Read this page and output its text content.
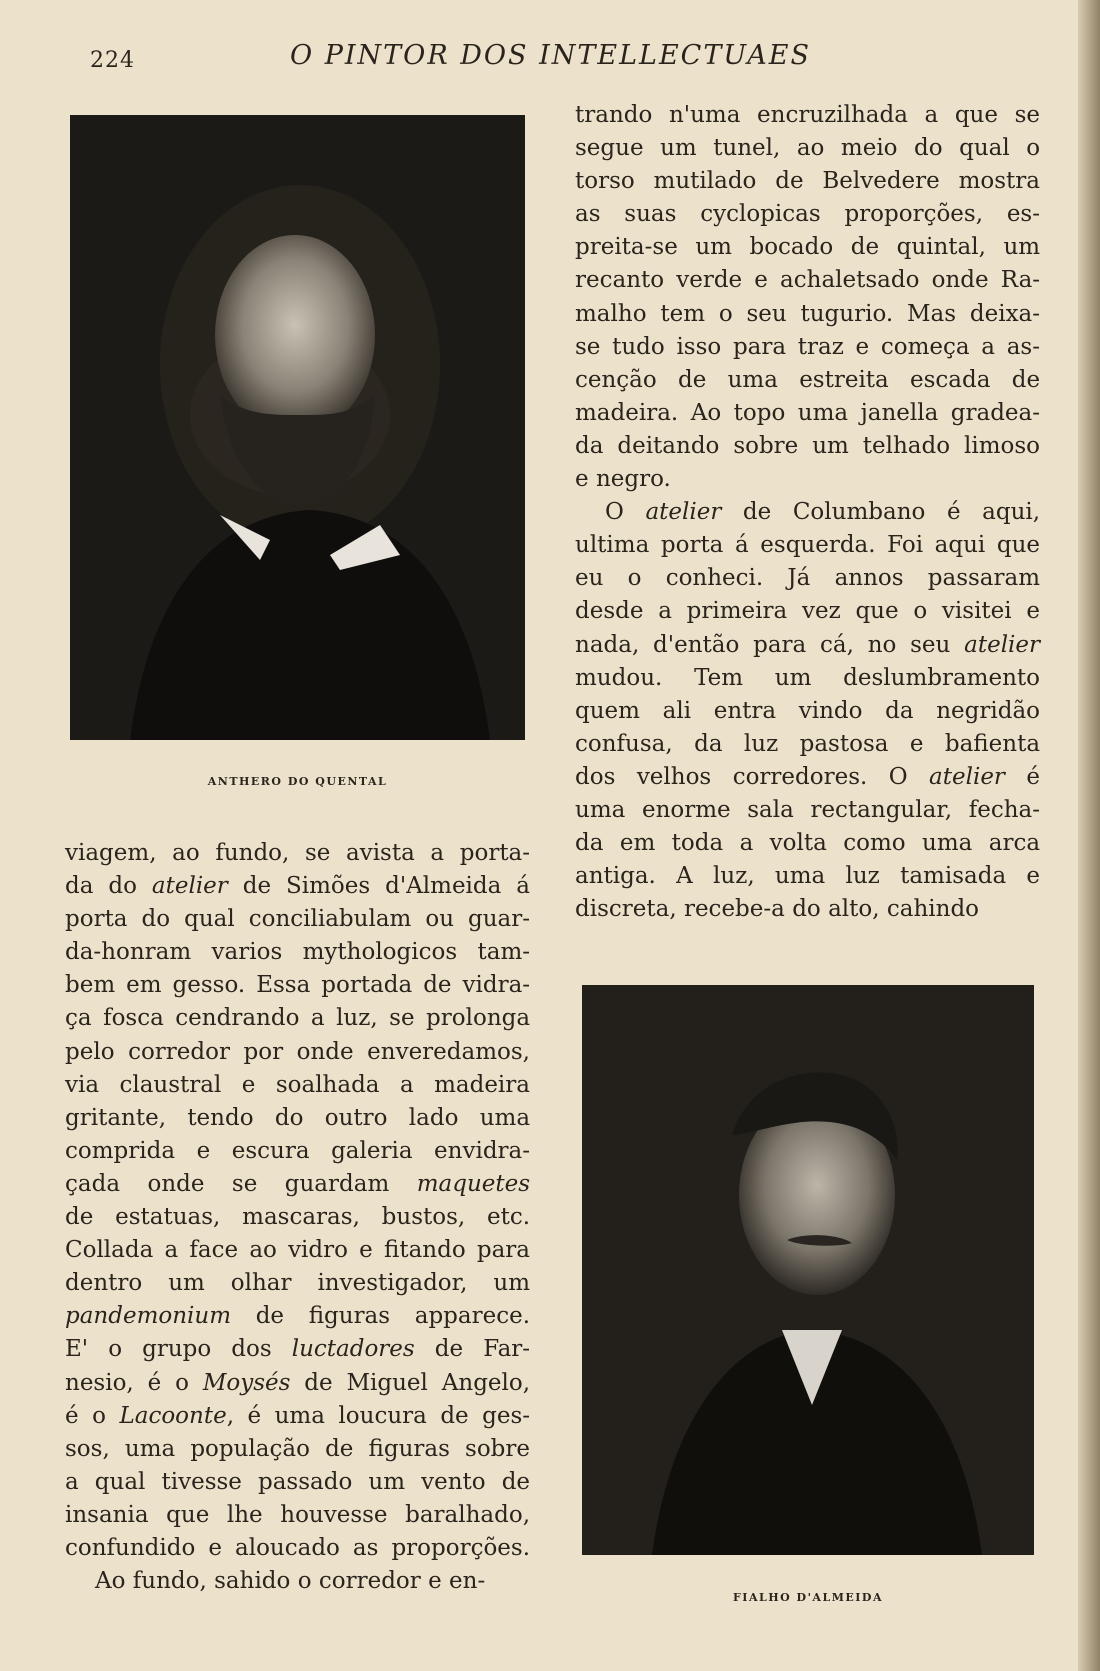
224	O PINTOR DOS INTELLECTUAES
ANTHERO DO QUENTAL
FIALHO D'ALMEIDA
trando n'uma encruzilhada a que se
segue um tunel, ao meio do qual o
torso mutilado de Belvedere mostra
as suas cyclopicas proporções, es-
preita-se um bocado de quintal, um
recanto verde e achaletsado onde Ra-
malho tem o seu tugurio. Mas deixa-
se tudo isso para traz e começa a as-
cenção de uma estreita escada de
madeira. Ao topo uma janella gradea-
da deitando sobre um telhado limoso
e negro.
O atelier de Columbano é aqui,
ultima porta á esquerda. Foi aqui que
eu o conheci. Já annos passaram
desde a primeira vez que o visitei e
nada, d'então para cá, no seu atelier
mudou. Tem um deslumbramento
quem ali entra vindo da negridão
confusa, da luz pastosa e bafienta
dos velhos corredores. O atelier é
uma enorme sala rectangular, fecha-
da em toda a volta como uma arca
antiga. A luz, uma luz tamisada e
discreta, recebe-a do alto, cahindo
viagem, ao fundo, se avista a porta-
da do atelier de Simões d'Almeida á
porta do qual conciliabulam ou guar-
da-honram varios mythologicos tam-
bem em gesso. Essa portada de vidra-
ça fosca cendrando a luz, se prolonga
pelo corredor por onde enveredamos,
via claustral e soalhada a madeira
gritante, tendo do outro lado uma
comprida e escura galeria envidra-
çada onde se guardam maquetes
de estatuas, mascaras, bustos, etc.
Collada a face ao vidro e fitando para
dentro um olhar investigador, um
pandemonium de figuras apparece.
E' o grupo dos luctadores de Far-
nesio, é o Moysés de Miguel Angelo,
é o Lacoonte, é uma loucura de ges-
sos, uma população de figuras sobre
a qual tivesse passado um vento de
insania que lhe houvesse baralhado,
confundido e aloucado as proporções.
Ao fundo, sahido o corredor e en-
